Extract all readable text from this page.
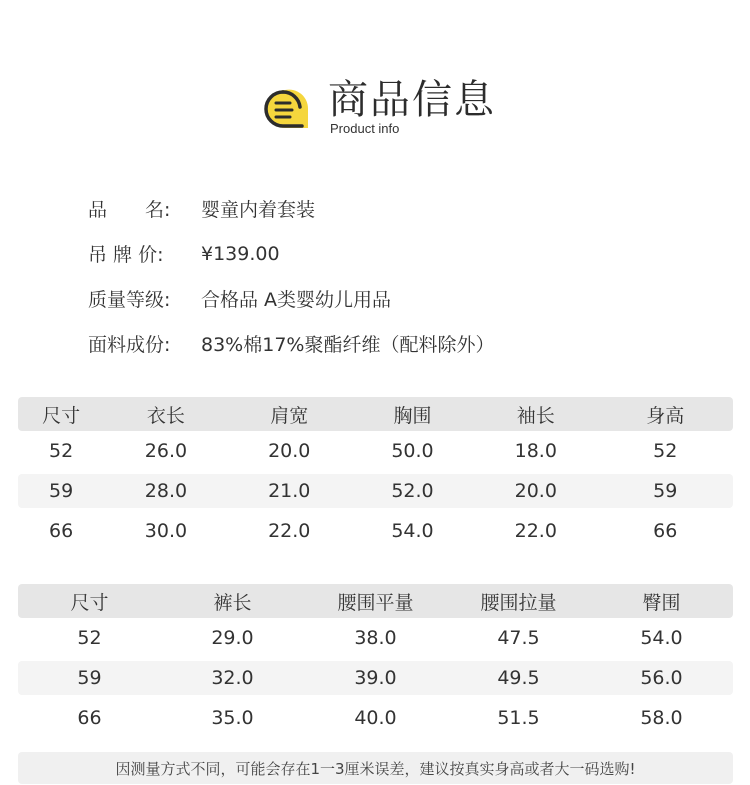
商品信息
Product info
品　　名:	婴童内着套装
吊 牌 价:	¥139.00
质量等级:	合格品 A类婴幼儿用品
面料成份:	83%棉17%聚酯纤维（配料除外）
尺寸	衣长	肩宽	胸围	袖长	身高
52	26.0	20.0	50.0	18.0	52
59	28.0	21.0	52.0	20.0	59
66	30.0	22.0	54.0	22.0	66
尺寸	裤长	腰围平量	腰围拉量	臀围
52	29.0	38.0	47.5	54.0
59	32.0	39.0	49.5	56.0
66	35.0	40.0	51.5	58.0
因测量方式不同，可能会存在1一3厘米误差，建议按真实身高或者大一码选购!
